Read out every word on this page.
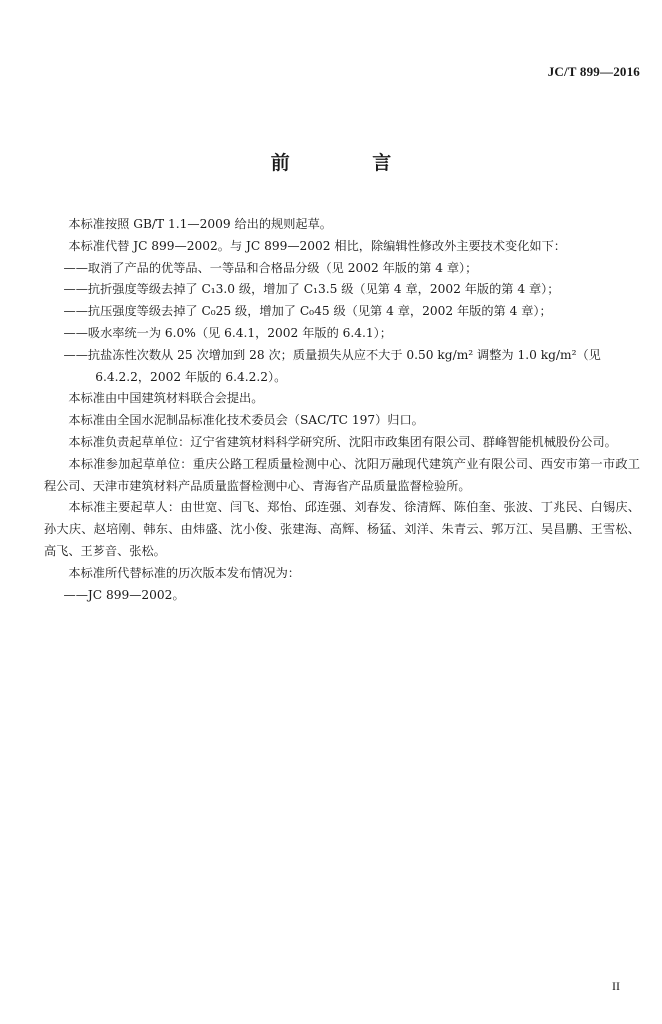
JC/T 899—2016
前 言

本标准按照 GB/T 1.1—2009 给出的规则起草。

本标准代替 JC 899—2002。与 JC 899—2002 相比，除编辑性修改外主要技术变化如下：

——取消了产品的优等品、一等品和合格品分级（见 2002 年版的第 4 章）；

——抗折强度等级去掉了 C₁3.0 级，增加了 C₁3.5 级（见第 4 章，2002 年版的第 4 章）；

——抗压强度等级去掉了 C₀25 级，增加了 C₀45 级（见第 4 章，2002 年版的第 4 章）；

——吸水率统一为 6.0%（见 6.4.1，2002 年版的 6.4.1）；

——抗盐冻性次数从 25 次增加到 28 次；质量损失从应不大于 0.50 kg/m² 调整为 1.0 kg/m²（见 6.4.2.2，2002 年版的 6.4.2.2）。

本标准由中国建筑材料联合会提出。

本标准由全国水泥制品标准化技术委员会（SAC/TC 197）归口。

本标准负责起草单位：辽宁省建筑材料科学研究所、沈阳市政集团有限公司、群峰智能机械股份公司。

本标准参加起草单位：重庆公路工程质量检测中心、沈阳万融现代建筑产业有限公司、西安市第一市政工程公司、天津市建筑材料产品质量监督检测中心、青海省产品质量监督检验所。

本标准主要起草人：由世宽、闫飞、郑怡、邱连强、刘春发、徐清辉、陈伯奎、张波、丁兆民、白锡庆、孙大庆、赵培刚、韩东、由炜盛、沈小俊、张建海、高辉、杨猛、刘洋、朱青云、郭万江、吴昌鹏、王雪松、高飞、王芗音、张松。

本标准所代替标准的历次版本发布情况为：

——JC 899—2002。

II
